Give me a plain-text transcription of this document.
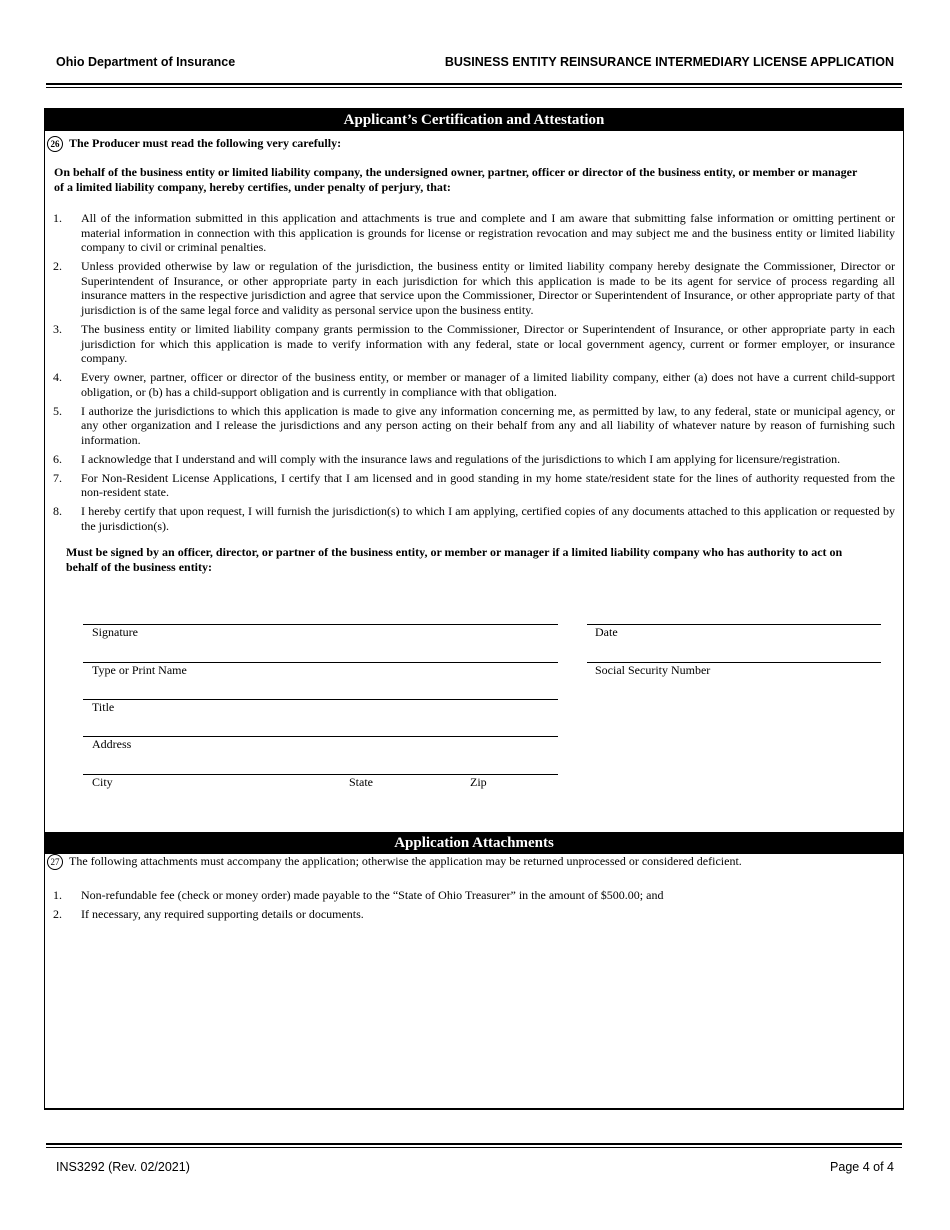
Ohio Department of Insurance	BUSINESS ENTITY REINSURANCE INTERMEDIARY LICENSE APPLICATION
Applicant’s Certification and Attestation
26 The Producer must read the following very carefully:
On behalf of the business entity or limited liability company, the undersigned owner, partner, officer or director of the business entity, or member or manager
of a limited liability company, hereby certifies, under penalty of perjury, that:
1. All of the information submitted in this application and attachments is true and complete and I am aware that submitting false information or omitting pertinent or material information in connection with this application is grounds for license or registration revocation and may subject me and the business entity or limited liability company to civil or criminal penalties.
2. Unless provided otherwise by law or regulation of the jurisdiction, the business entity or limited liability company hereby designate the Commissioner, Director or Superintendent of Insurance, or other appropriate party in each jurisdiction for which this application is made to be its agent for service of process regarding all insurance matters in the respective jurisdiction and agree that service upon the Commissioner, Director or Superintendent of Insurance, or other appropriate party of that jurisdiction is of the same legal force and validity as personal service upon the business entity.
3. The business entity or limited liability company grants permission to the Commissioner, Director or Superintendent of Insurance, or other appropriate party in each jurisdiction for which this application is made to verify information with any federal, state or local government agency, current or former employer, or insurance company.
4. Every owner, partner, officer or director of the business entity, or member or manager of a limited liability company, either (a) does not have a current child-support obligation, or (b) has a child-support obligation and is currently in compliance with that obligation.
5. I authorize the jurisdictions to which this application is made to give any information concerning me, as permitted by law, to any federal, state or municipal agency, or any other organization and I release the jurisdictions and any person acting on their behalf from any and all liability of whatever nature by reason of furnishing such information.
6. I acknowledge that I understand and will comply with the insurance laws and regulations of the jurisdictions to which I am applying for licensure/registration.
7. For Non-Resident License Applications, I certify that I am licensed and in good standing in my home state/resident state for the lines of authority requested from the non-resident state.
8. I hereby certify that upon request, I will furnish the jurisdiction(s) to which I am applying, certified copies of any documents attached to this application or requested by the jurisdiction(s).
Must be signed by an officer, director, or partner of the business entity, or member or manager if a limited liability company who has authority to act on
behalf of the business entity:
Signature	Date
Type or Print Name	Social Security Number
Title
Address
City	State	Zip
Application Attachments
27 The following attachments must accompany the application; otherwise the application may be returned unprocessed or considered deficient.
1. Non-refundable fee (check or money order) made payable to the “State of Ohio Treasurer” in the amount of $500.00; and
2. If necessary, any required supporting details or documents.
INS3292 (Rev. 02/2021)	Page 4 of 4
